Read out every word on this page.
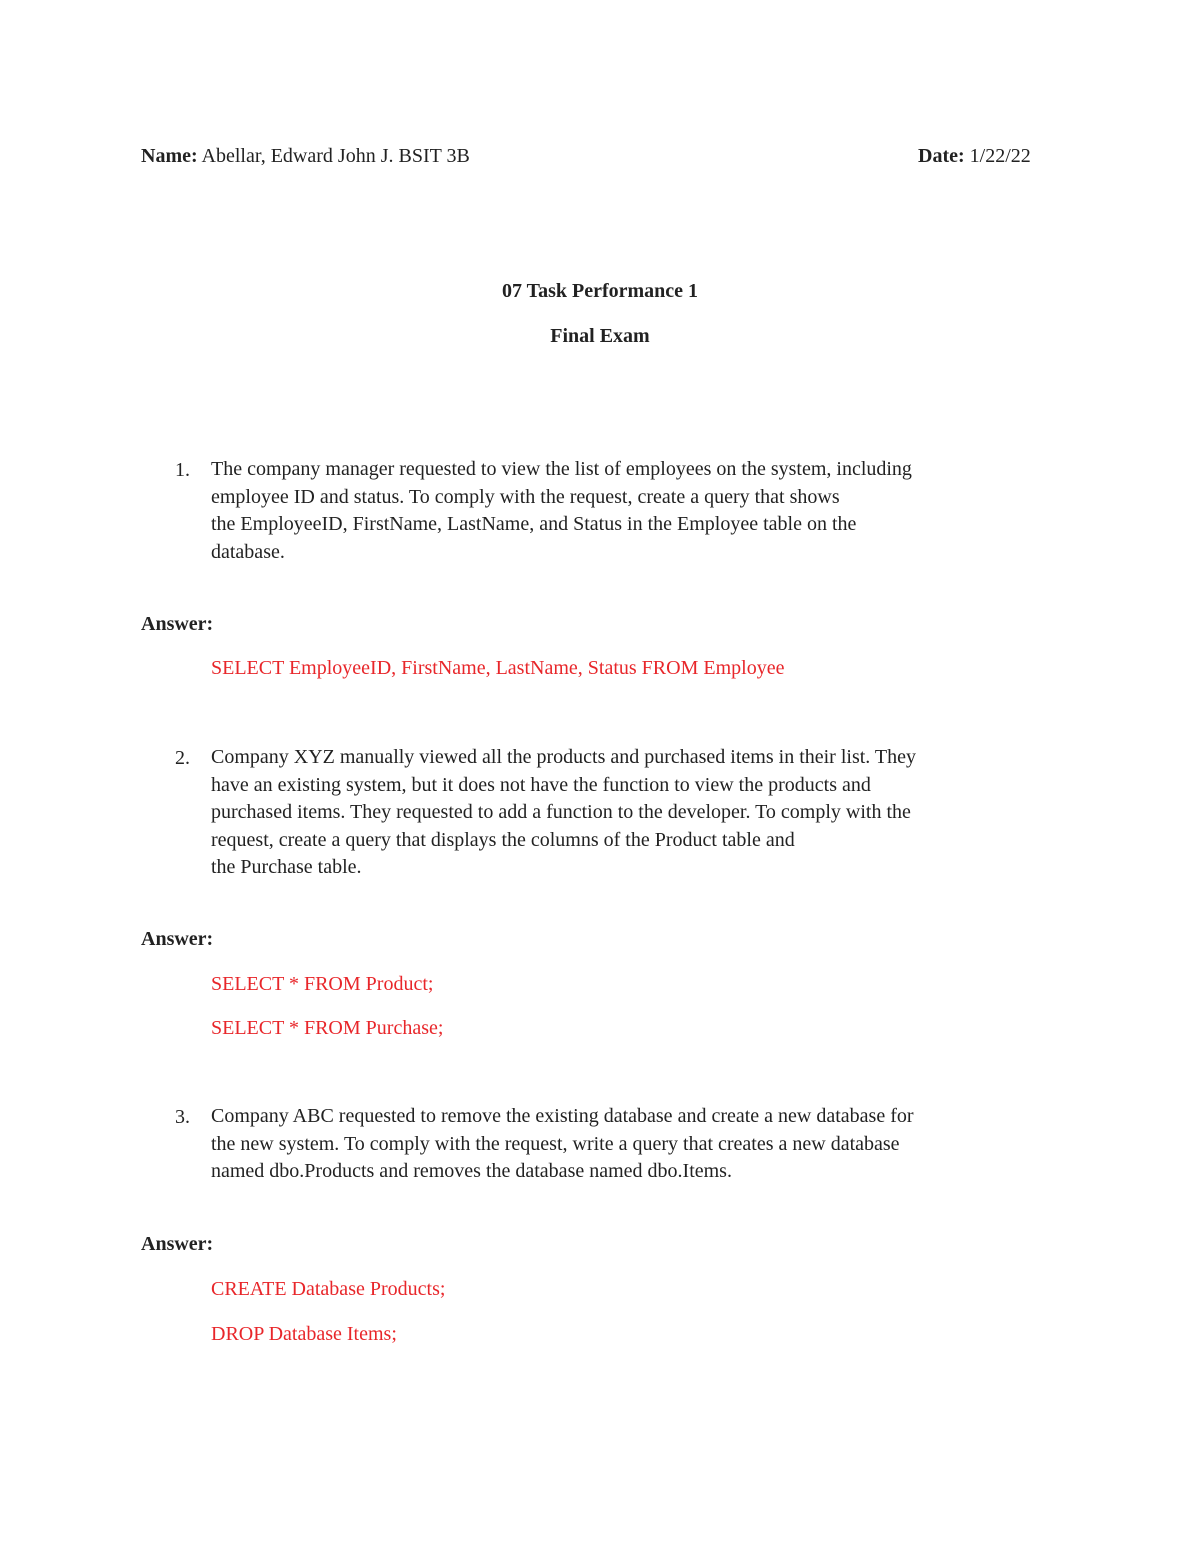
Name: Abellar, Edward John J. BSIT 3B	Date: 1/22/22
07 Task Performance 1
Final Exam
1. The company manager requested to view the list of employees on the system, including
employee ID and status. To comply with the request, create a query that shows
the EmployeeID, FirstName, LastName, and Status in the Employee table on the
database.
Answer:
SELECT EmployeeID, FirstName, LastName, Status FROM Employee
2. Company XYZ manually viewed all the products and purchased items in their list. They
have an existing system, but it does not have the function to view the products and
purchased items. They requested to add a function to the developer. To comply with the
request, create a query that displays the columns of the Product table and
the Purchase table.
Answer:
SELECT * FROM Product;
SELECT * FROM Purchase;
3. Company ABC requested to remove the existing database and create a new database for
the new system. To comply with the request, write a query that creates a new database
named dbo.Products and removes the database named dbo.Items.
Answer:
CREATE Database Products;
DROP Database Items;
